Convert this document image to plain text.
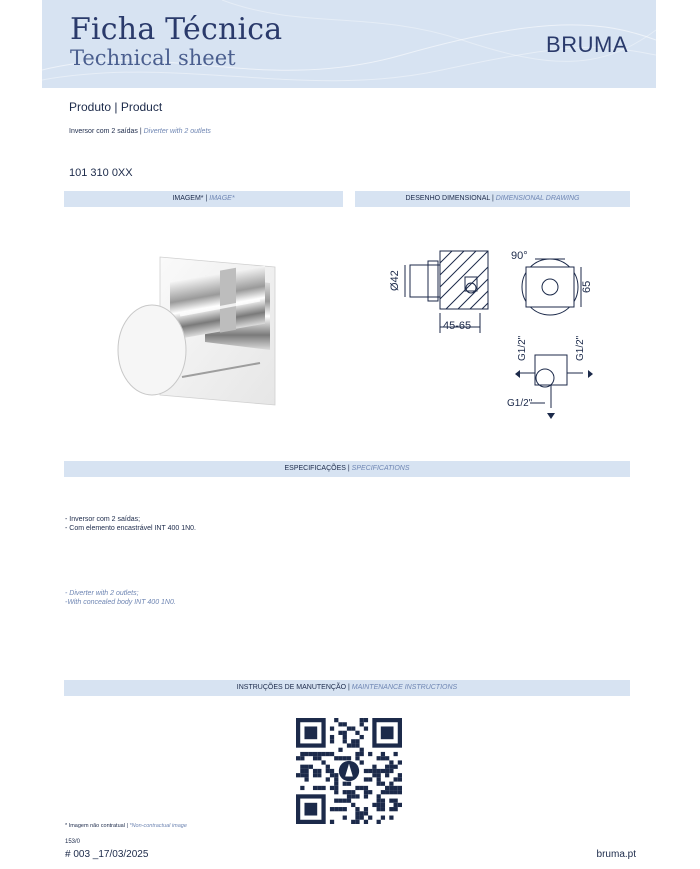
Ficha Técnica
Technical sheet
BRUMA
Produto | Product
Inversor com 2 saídas | Diverter with 2 outlets
101 310 0XX
IMAGEM* | IMAGE*	DESENHO DIMENSIONAL | DIMENSIONAL DRAWING
Ø42
45-65
90°
65
G1/2"	G1/2"
G1/2"
ESPECIFICAÇÕES | SPECIFICATIONS
- Inversor com 2 saídas;
- Com elemento encastrável INT 400 1N0.
- Diverter with 2 outlets;
-With concealed body INT 400 1N0.
INSTRUÇÕES DE MANUTENÇÃO | MAINTENANCE INSTRUCTIONS
* Imagem não contratual | *Non-contractual image
153/0
# 003 _17/03/2025	bruma.pt
